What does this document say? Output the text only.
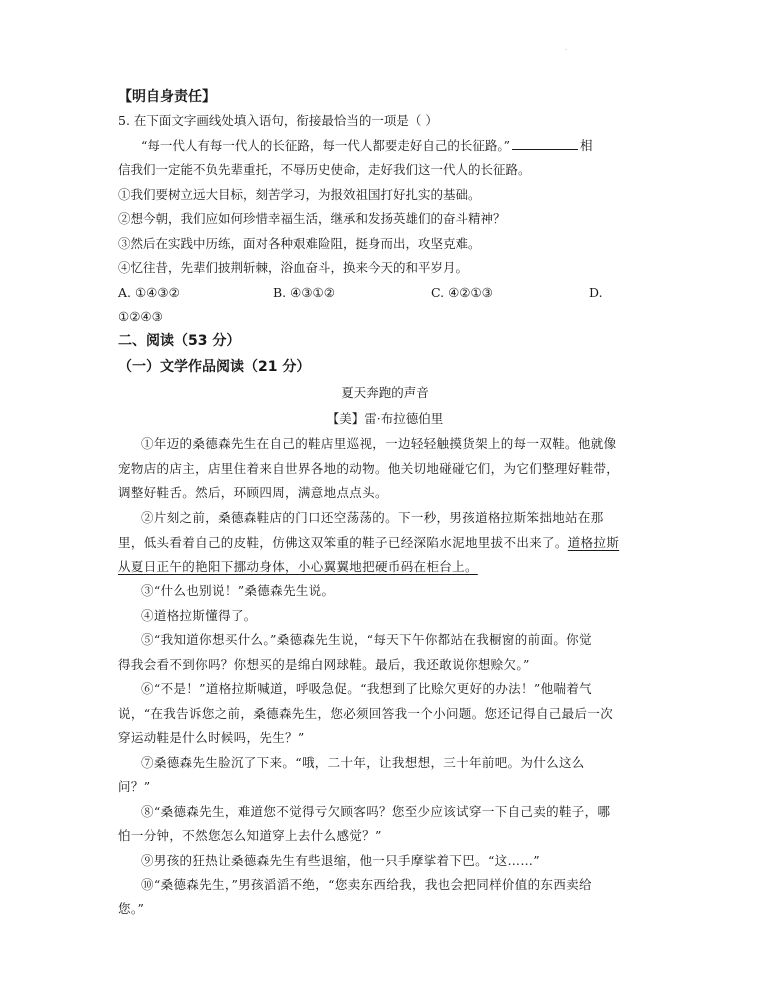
·
【明自身责任】
5. 在下面文字画线处填入语句，衔接最恰当的一项是（ ）
“每一代人有每一代人的长征路，每一代人都要走好自己的长征路。”	相
信我们一定能不负先辈重托，不辱历史使命，走好我们这一代人的长征路。
①我们要树立远大目标，刻苦学习，为报效祖国打好扎实的基础。
②想今朝，我们应如何珍惜幸福生活，继承和发扬英雄们的奋斗精神？
③然后在实践中历练，面对各种艰难险阻，挺身而出，攻坚克难。
④忆往昔，先辈们披荆斩棘，浴血奋斗，换来今天的和平岁月。
A. ①④③②	B. ④③①②	C. ④②①③	D.
①②④③
二、阅读（53 分）
（一）文学作品阅读（21 分）
夏天奔跑的声音
【美】雷·布拉德伯里
①年迈的桑德森先生在自己的鞋店里巡视，一边轻轻触摸货架上的每一双鞋。他就像
宠物店的店主，店里住着来自世界各地的动物。他关切地碰碰它们，为它们整理好鞋带，
调整好鞋舌。然后，环顾四周，满意地点点头。
②片刻之前，桑德森鞋店的门口还空荡荡的。下一秒，男孩道格拉斯笨拙地站在那
里，低头看着自己的皮鞋，仿佛这双笨重的鞋子已经深陷水泥地里拔不出来了。道格拉斯
从夏日正午的艳阳下挪动身体，小心翼翼地把硬币码在柜台上。
③“什么也别说！”桑德森先生说。
④道格拉斯懂得了。
⑤“我知道你想买什么。”桑德森先生说，“每天下午你都站在我橱窗的前面。你觉
得我会看不到你吗？你想买的是绵白网球鞋。最后，我还敢说你想赊欠。”
⑥“不是！”道格拉斯喊道，呼吸急促。“我想到了比赊欠更好的办法！”他喘着气
说，“在我告诉您之前，桑德森先生，您必须回答我一个小问题。您还记得自己最后一次
穿运动鞋是什么时候吗，先生？”
⑦桑德森先生脸沉了下来。“哦，二十年，让我想想，三十年前吧。为什么这么
问？”
⑧“桑德森先生，难道您不觉得亏欠顾客吗？您至少应该试穿一下自己卖的鞋子，哪
怕一分钟，不然您怎么知道穿上去什么感觉？”
⑨男孩的狂热让桑德森先生有些退缩，他一只手摩挲着下巴。“这……”
⑩“桑德森先生，”男孩滔滔不绝，“您卖东西给我，我也会把同样价值的东西卖给
您。”
